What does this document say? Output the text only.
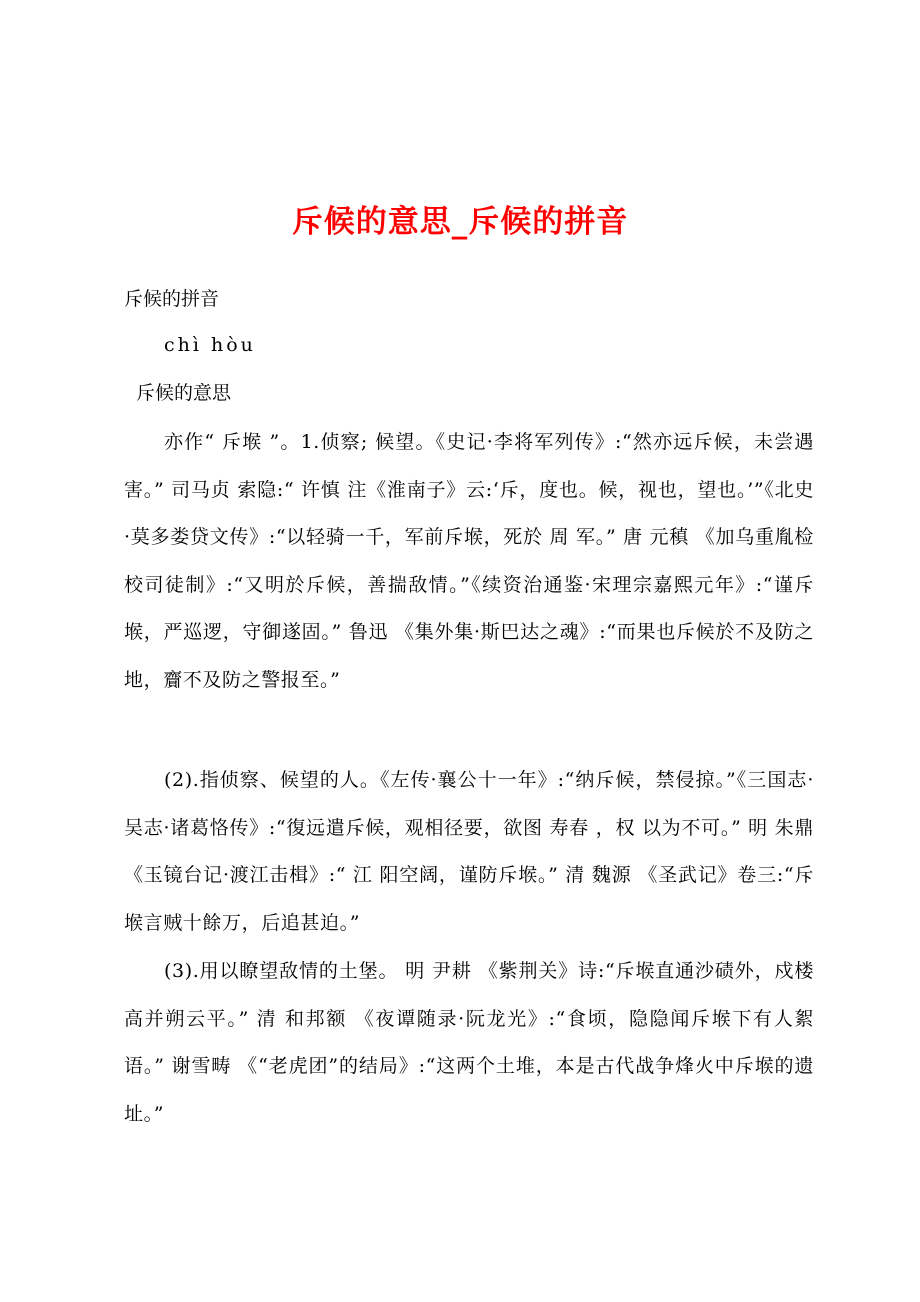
斥候的意思_斥候的拼音
斥候的拼音
chì hòu
斥候的意思
亦作“ 斥堠 ”。1.侦察; 候望。《史记·李将军列传》:“然亦远斥候，未尝遇害。” 司马贞 索隐:“ 许慎 注《淮南子》云:‘斥，度也。候，视也，望也。’”《北史·莫多娄贷文传》:“以轻骑一千，军前斥堠，死於 周 军。” 唐 元稹 《加乌重胤检校司徒制》:“又明於斥候，善揣敌情。”《续资治通鉴·宋理宗嘉熙元年》:“谨斥堠，严巡逻，守御遂固。” 鲁迅 《集外集·斯巴达之魂》:“而果也斥候於不及防之地，齎不及防之警报至。”
(2).指侦察、候望的人。《左传·襄公十一年》:“纳斥候，禁侵掠。”《三国志·吴志·诸葛恪传》:“復远遣斥候，观相径要，欲图 寿春 ，权 以为不可。” 明 朱鼎 《玉镜台记·渡江击楫》:“ 江 阳空阔，谨防斥堠。” 清 魏源 《圣武记》卷三:“斥堠言贼十餘万，后追甚迫。”
(3).用以瞭望敌情的土堡。 明 尹耕 《紫荆关》诗:“斥堠直通沙碛外，戍楼高并朔云平。” 清 和邦额 《夜谭随录·阮龙光》:“食顷，隐隐闻斥堠下有人絮语。” 谢雪畴 《“老虎团”的结局》:“这两个土堆，本是古代战争烽火中斥堠的遗址。”
